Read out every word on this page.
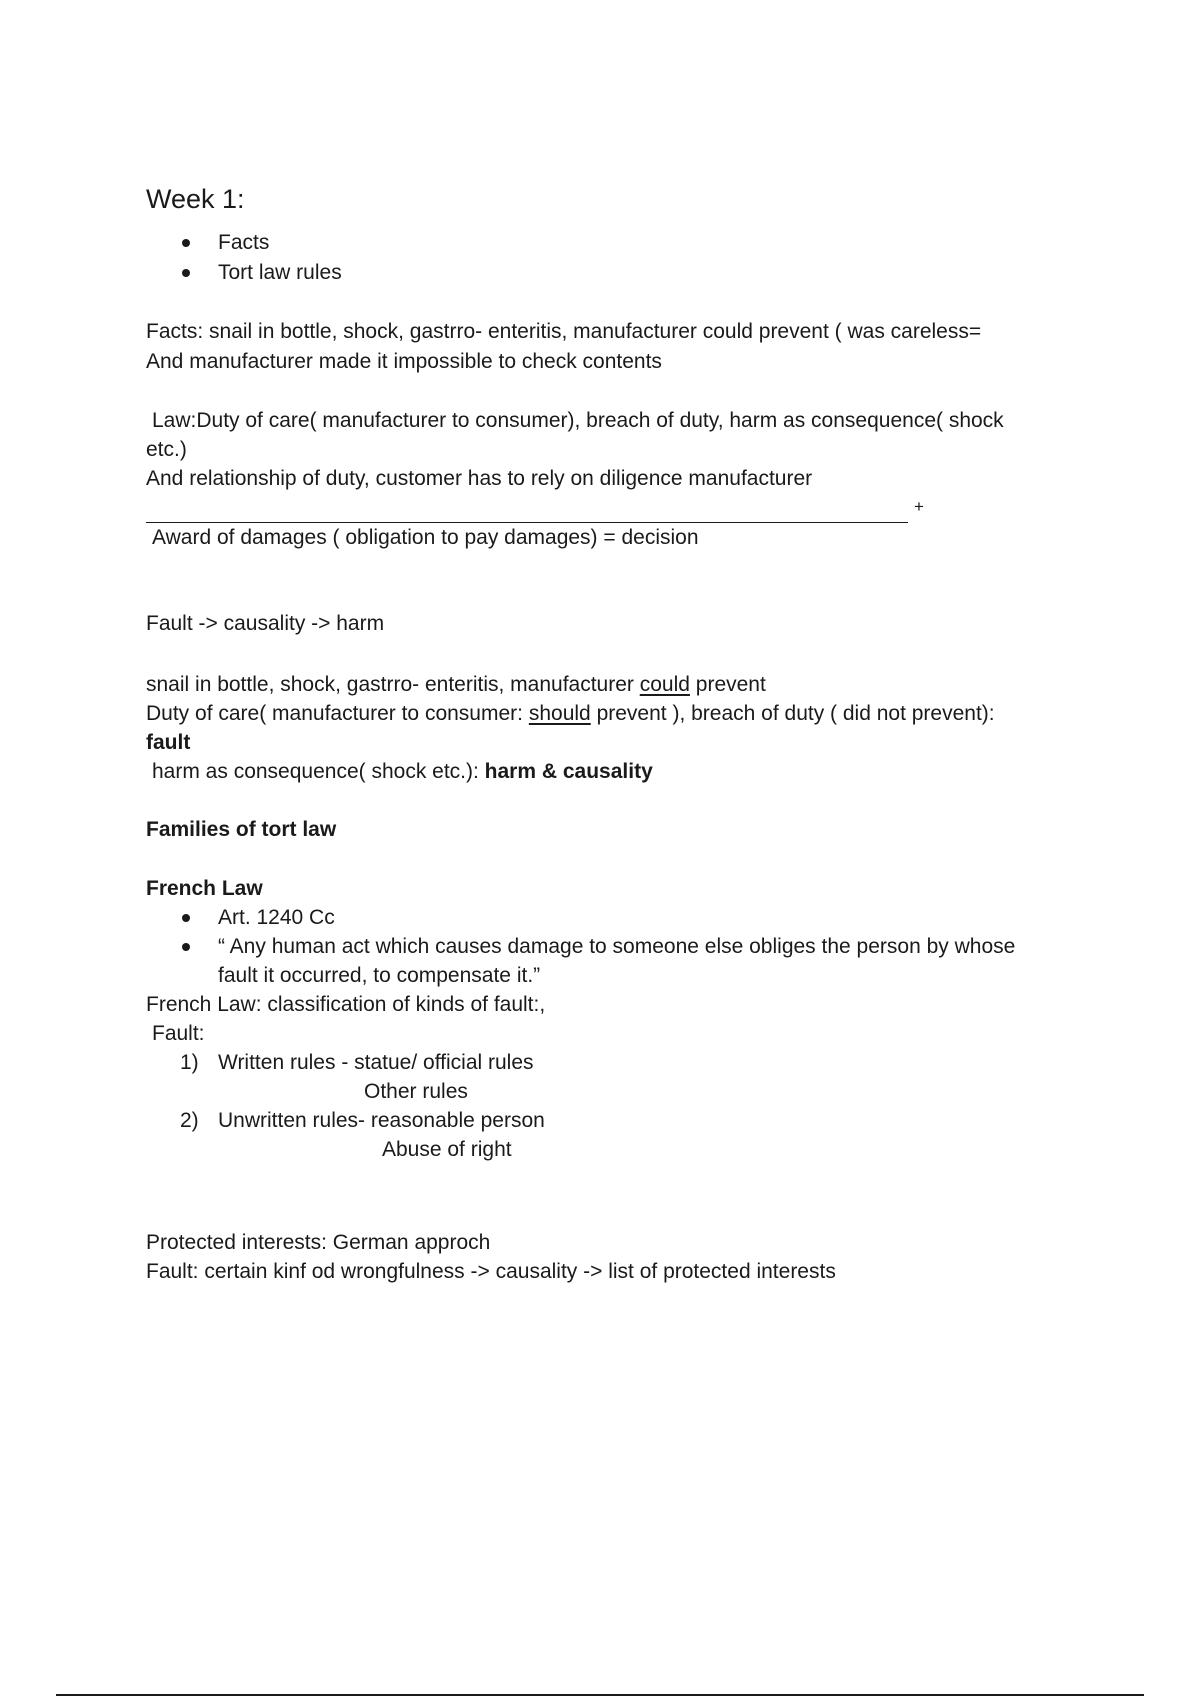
Week 1:
Facts
Tort law rules
Facts: snail in bottle, shock, gastrro- enteritis, manufacturer could prevent ( was careless=
And manufacturer made it impossible to check contents
Law:Duty of care( manufacturer to consumer), breach of duty, harm as consequence( shock
etc.)
And relationship of duty, customer has to rely on diligence manufacturer
+
Award of damages ( obligation to pay damages) = decision
Fault -> causality -> harm
snail in bottle, shock, gastrro- enteritis, manufacturer could prevent
Duty of care( manufacturer to consumer: should prevent ), breach of duty ( did not prevent):
fault
harm as consequence( shock etc.): harm & causality
Families of tort law
French Law
Art. 1240 Cc
“ Any human act which causes damage to someone else obliges the person by whose
fault it occurred, to compensate it.”
French Law: classification of kinds of fault:,
Fault:
1) Written rules - statue/ official rules
Other rules
2) Unwritten rules- reasonable person
Abuse of right
Protected interests: German approch
Fault: certain kinf od wrongfulness -> causality -> list of protected interests
